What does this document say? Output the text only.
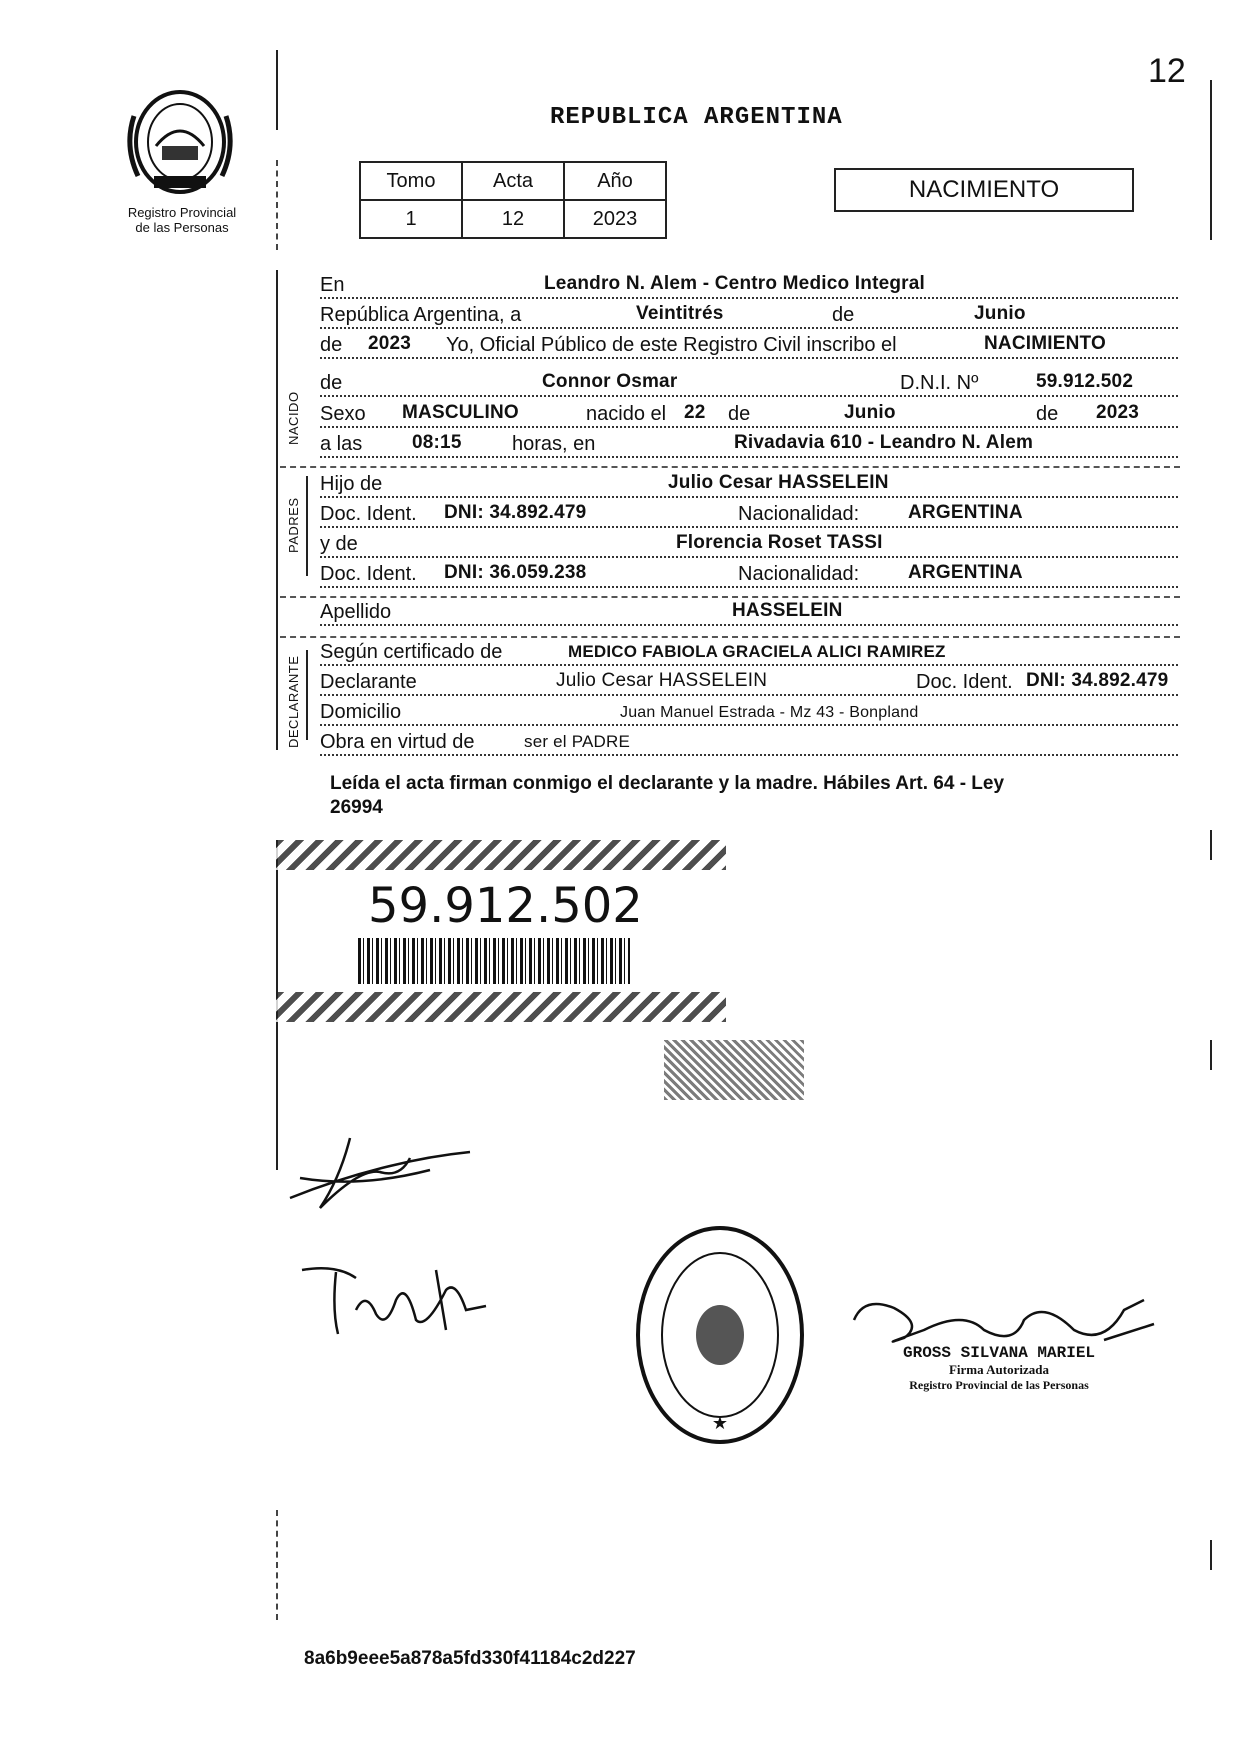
12
Registro Provincial
de las Personas
REPUBLICA ARGENTINA
Tomo	Acta	Año
1	12	2023
NACIMIENTO
NACIDO
PADRES
DECLARANTE
En	Leandro N. Alem - Centro Medico Integral
República Argentina, a	Veintitrés	de	Junio
de 2023 Yo, Oficial Público de este Registro Civil inscribo el	NACIMIENTO
de	Connor Osmar	D.N.I. Nº	59.912.502
Sexo MASCULINO	nacido el 22 de	Junio	de 2023
a las	08:15	horas, en	Rivadavia 610 - Leandro N. Alem
Hijo de	Julio Cesar HASSELEIN
Doc. Ident. DNI: 34.892.479	Nacionalidad:	ARGENTINA
y de	Florencia Roset TASSI
Doc. Ident. DNI: 36.059.238	Nacionalidad:	ARGENTINA
Apellido	HASSELEIN
Según certificado de	MEDICO FABIOLA GRACIELA ALICI RAMIREZ
Declarante	Julio Cesar HASSELEIN	Doc. Ident. DNI: 34.892.479
Domicilio	Juan Manuel Estrada - Mz 43 - Bonpland
Obra en virtud de	ser el PADRE
Leída el acta firman conmigo el declarante y la madre. Hábiles Art. 64 - Ley
26994
59.912.502
★
GROSS SILVANA MARIEL
Firma Autorizada
Registro Provincial de las Personas
8a6b9eee5a878a5fd330f41184c2d227
